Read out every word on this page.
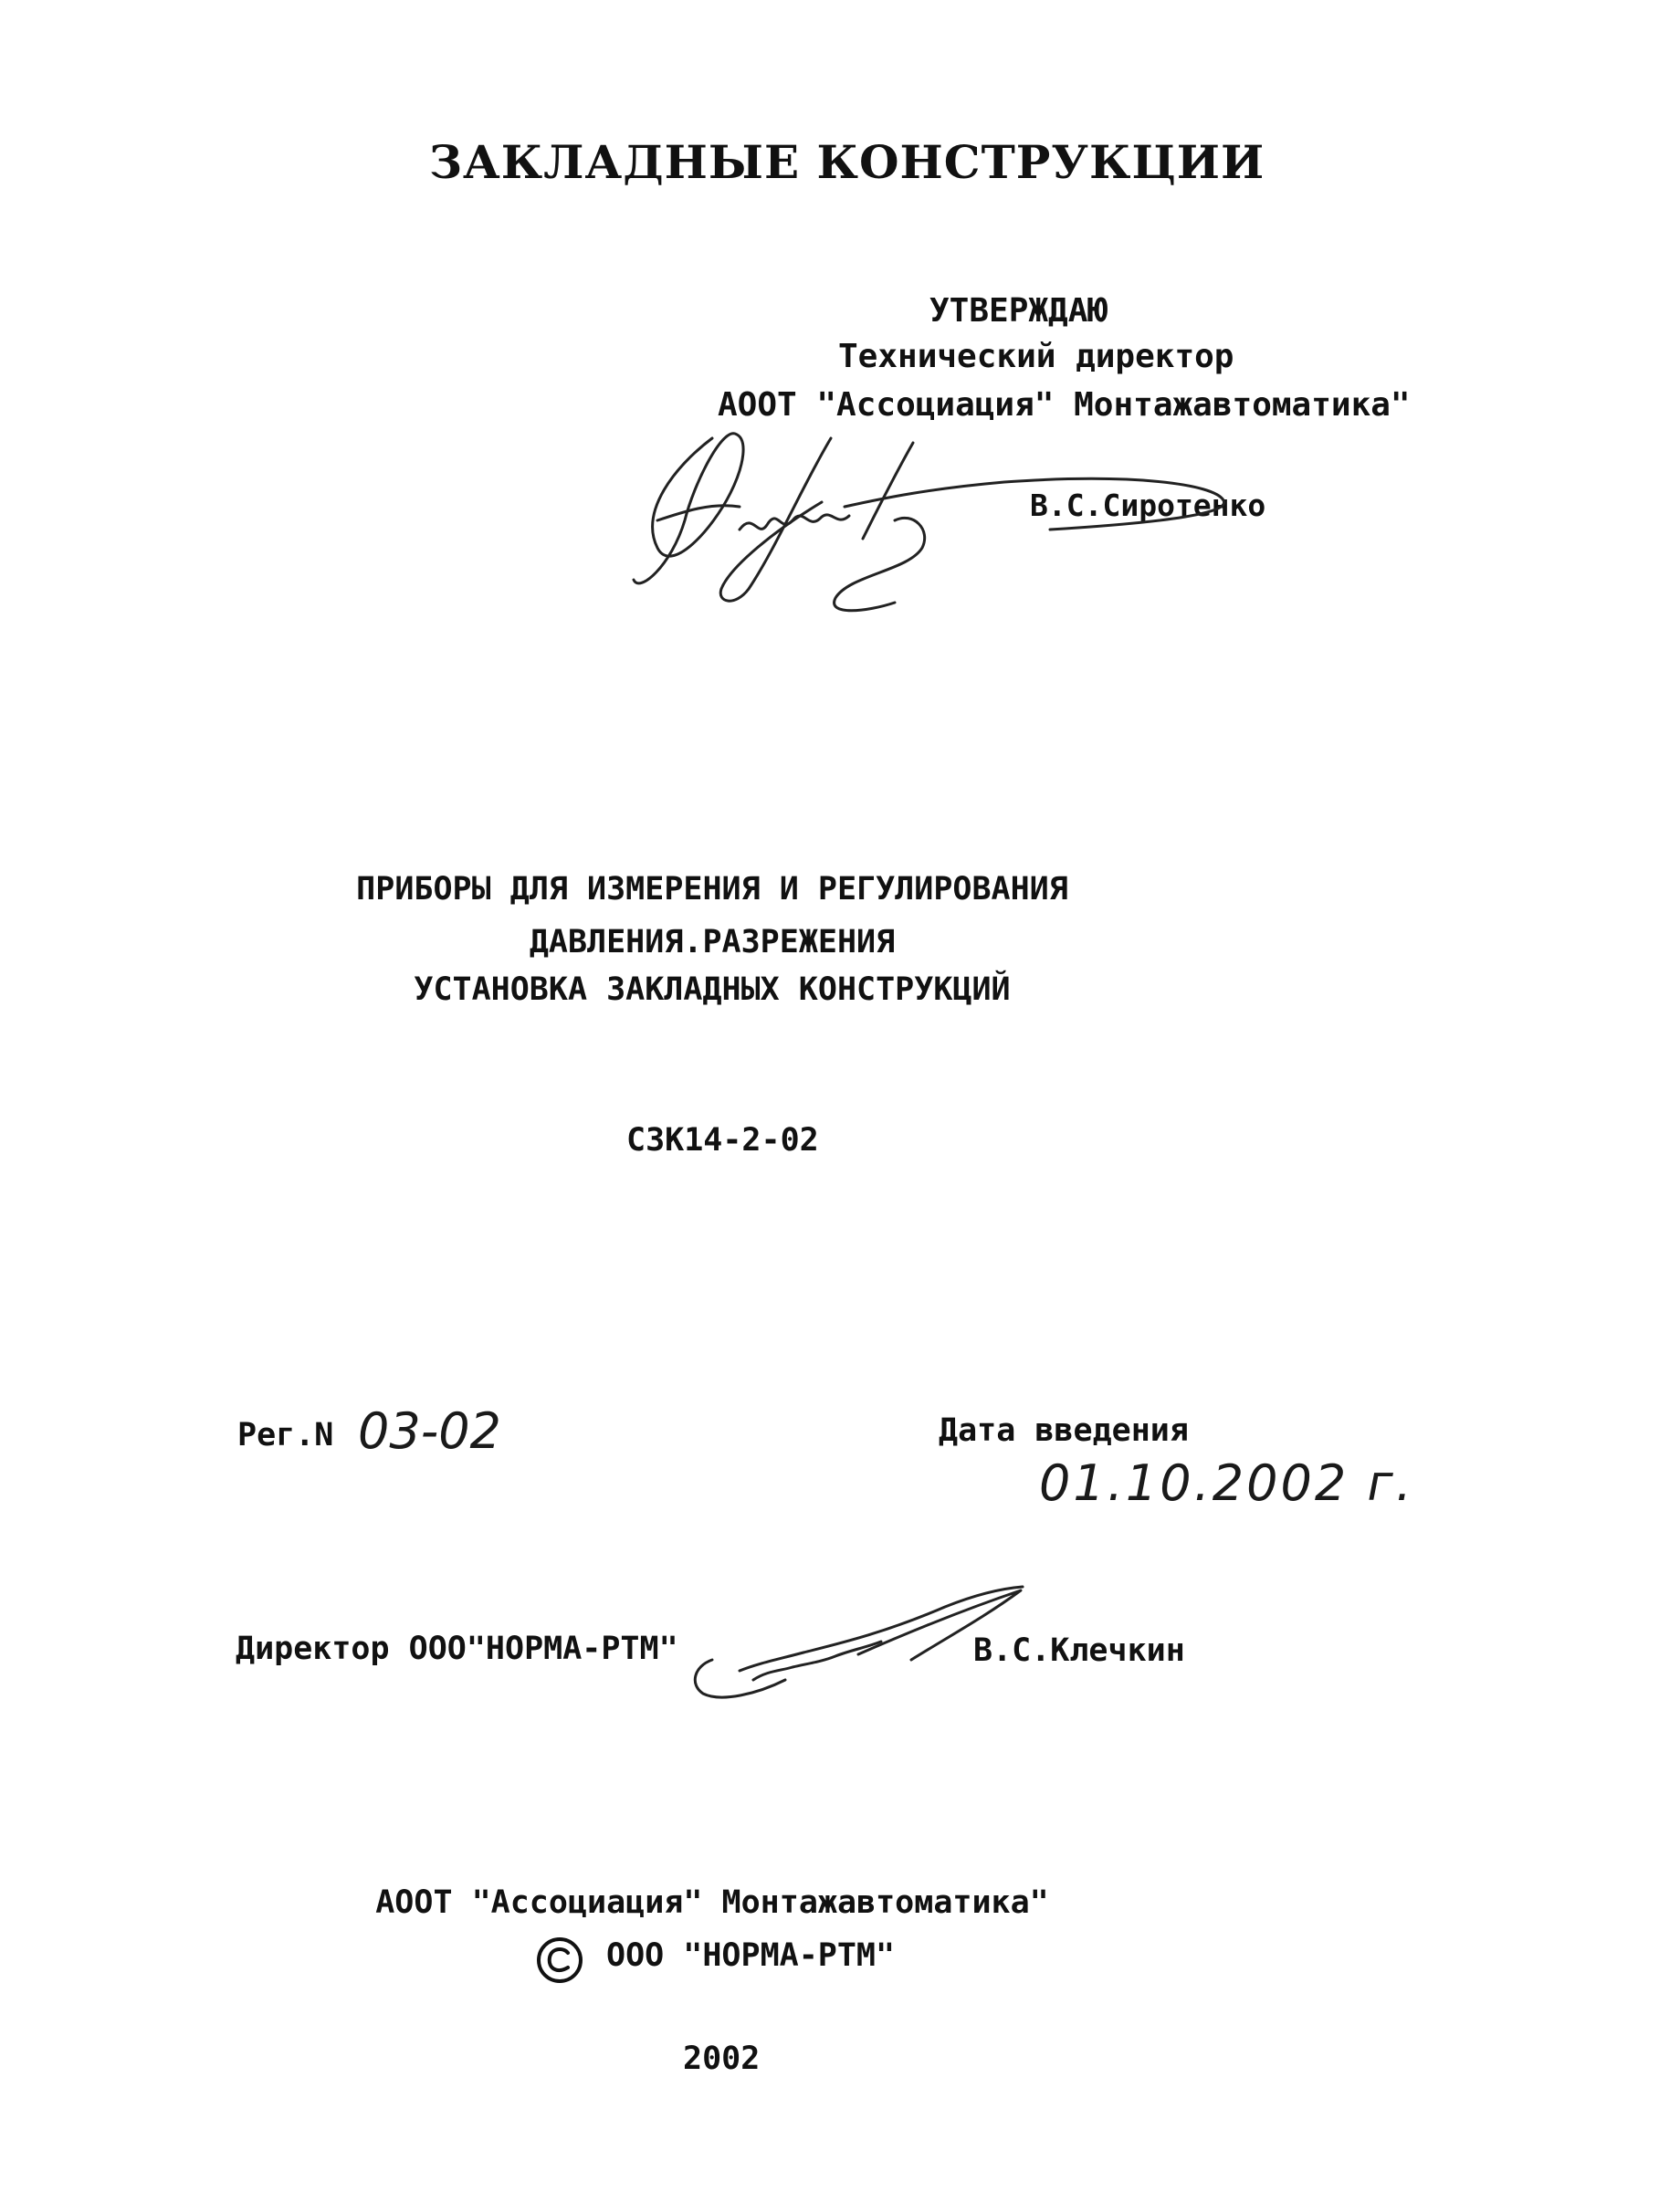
ЗАКЛАДНЫЕ КОНСТРУКЦИИ
УТВЕРЖДАЮ
Технический директор
АООТ "Ассоциация" Монтажавтоматика"
В.С.Сиротенко
ПРИБОРЫ ДЛЯ ИЗМЕРЕНИЯ И РЕГУЛИРОВАНИЯ
ДАВЛЕНИЯ.РАЗРЕЖЕНИЯ
УСТАНОВКА ЗАКЛАДНЫХ КОНСТРУКЦИЙ
СЗК14-2-02
Рег.N 03-02	Дата введения
01.10.2002 г.
Директор ООО"НОРМА-РТМ"	В.С.Клечкин
АООТ "Ассоциация" Монтажавтоматика"
ООО "НОРМА-РТМ"
2002
